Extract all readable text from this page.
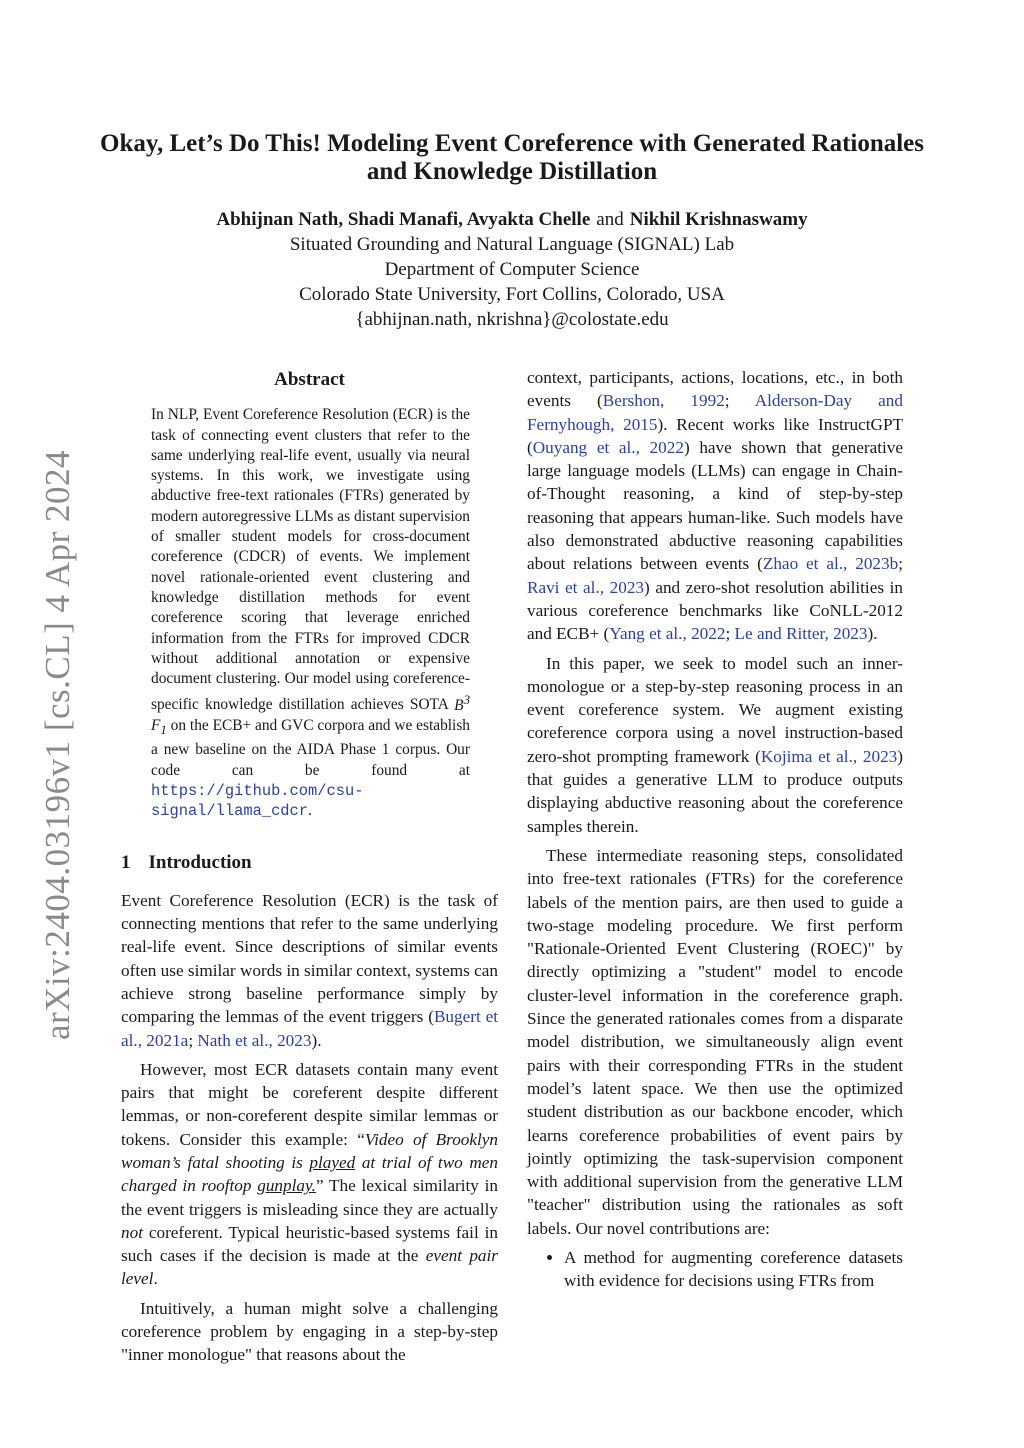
arXiv:2404.03196v1 [cs.CL] 4 Apr 2024
Okay, Let’s Do This! Modeling Event Coreference with Generated Rationales and Knowledge Distillation
Abhijnan Nath, Shadi Manafi, Avyakta Chelle and Nikhil Krishnaswamy
Situated Grounding and Natural Language (SIGNAL) Lab
Department of Computer Science
Colorado State University, Fort Collins, Colorado, USA
{abhijnan.nath, nkrishna}@colostate.edu
Abstract
In NLP, Event Coreference Resolution (ECR) is the task of connecting event clusters that refer to the same underlying real-life event, usually via neural systems. In this work, we investigate using abductive free-text rationales (FTRs) generated by modern autoregressive LLMs as distant supervision of smaller student models for cross-document coreference (CDCR) of events. We implement novel rationale-oriented event clustering and knowledge distillation methods for event coreference scoring that leverage enriched information from the FTRs for improved CDCR without additional annotation or expensive document clustering. Our model using coreference-specific knowledge distillation achieves SOTA $B^3$ $F_1$ on the ECB+ and GVC corpora and we establish a new baseline on the AIDA Phase 1 corpus. Our code can be found at https://github.com/csu-signal/llama_cdcr.
1 Introduction

Event Coreference Resolution (ECR) is the task of connecting mentions that refer to the same underlying real-life event. Since descriptions of similar events often use similar words in similar context, systems can achieve strong baseline performance simply by comparing the lemmas of the event triggers (Bugert et al., 2021a; Nath et al., 2023).

However, most ECR datasets contain many event pairs that might be coreferent despite different lemmas, or non-coreferent despite similar lemmas or tokens. Consider this example: “Video of Brooklyn woman’s fatal shooting is played at trial of two men charged in rooftop gunplay.” The lexical similarity in the event triggers is misleading since they are actually not coreferent. Typical heuristic-based systems fail in such cases if the decision is made at the event pair level.

Intuitively, a human might solve a challenging coreference problem by engaging in a step-by-step "inner monologue" that reasons about the

context, participants, actions, locations, etc., in both events (Bershon, 1992; Alderson-Day and Fernyhough, 2015). Recent works like InstructGPT (Ouyang et al., 2022) have shown that generative large language models (LLMs) can engage in Chain-of-Thought reasoning, a kind of step-by-step reasoning that appears human-like. Such models have also demonstrated abductive reasoning capabilities about relations between events (Zhao et al., 2023b; Ravi et al., 2023) and zero-shot resolution abilities in various coreference benchmarks like CoNLL-2012 and ECB+ (Yang et al., 2022; Le and Ritter, 2023).

In this paper, we seek to model such an inner-monologue or a step-by-step reasoning process in an event coreference system. We augment existing coreference corpora using a novel instruction-based zero-shot prompting framework (Kojima et al., 2023) that guides a generative LLM to produce outputs displaying abductive reasoning about the coreference samples therein.

These intermediate reasoning steps, consolidated into free-text rationales (FTRs) for the coreference labels of the mention pairs, are then used to guide a two-stage modeling procedure. We first perform "Rationale-Oriented Event Clustering (ROEC)" by directly optimizing a "student" model to encode cluster-level information in the coreference graph. Since the generated rationales comes from a disparate model distribution, we simultaneously align event pairs with their corresponding FTRs in the student model’s latent space. We then use the optimized student distribution as our backbone encoder, which learns coreference probabilities of event pairs by jointly optimizing the task-supervision component with additional supervision from the generative LLM "teacher" distribution using the rationales as soft labels. Our novel contributions are:

• A method for augmenting coreference datasets with evidence for decisions using FTRs from
